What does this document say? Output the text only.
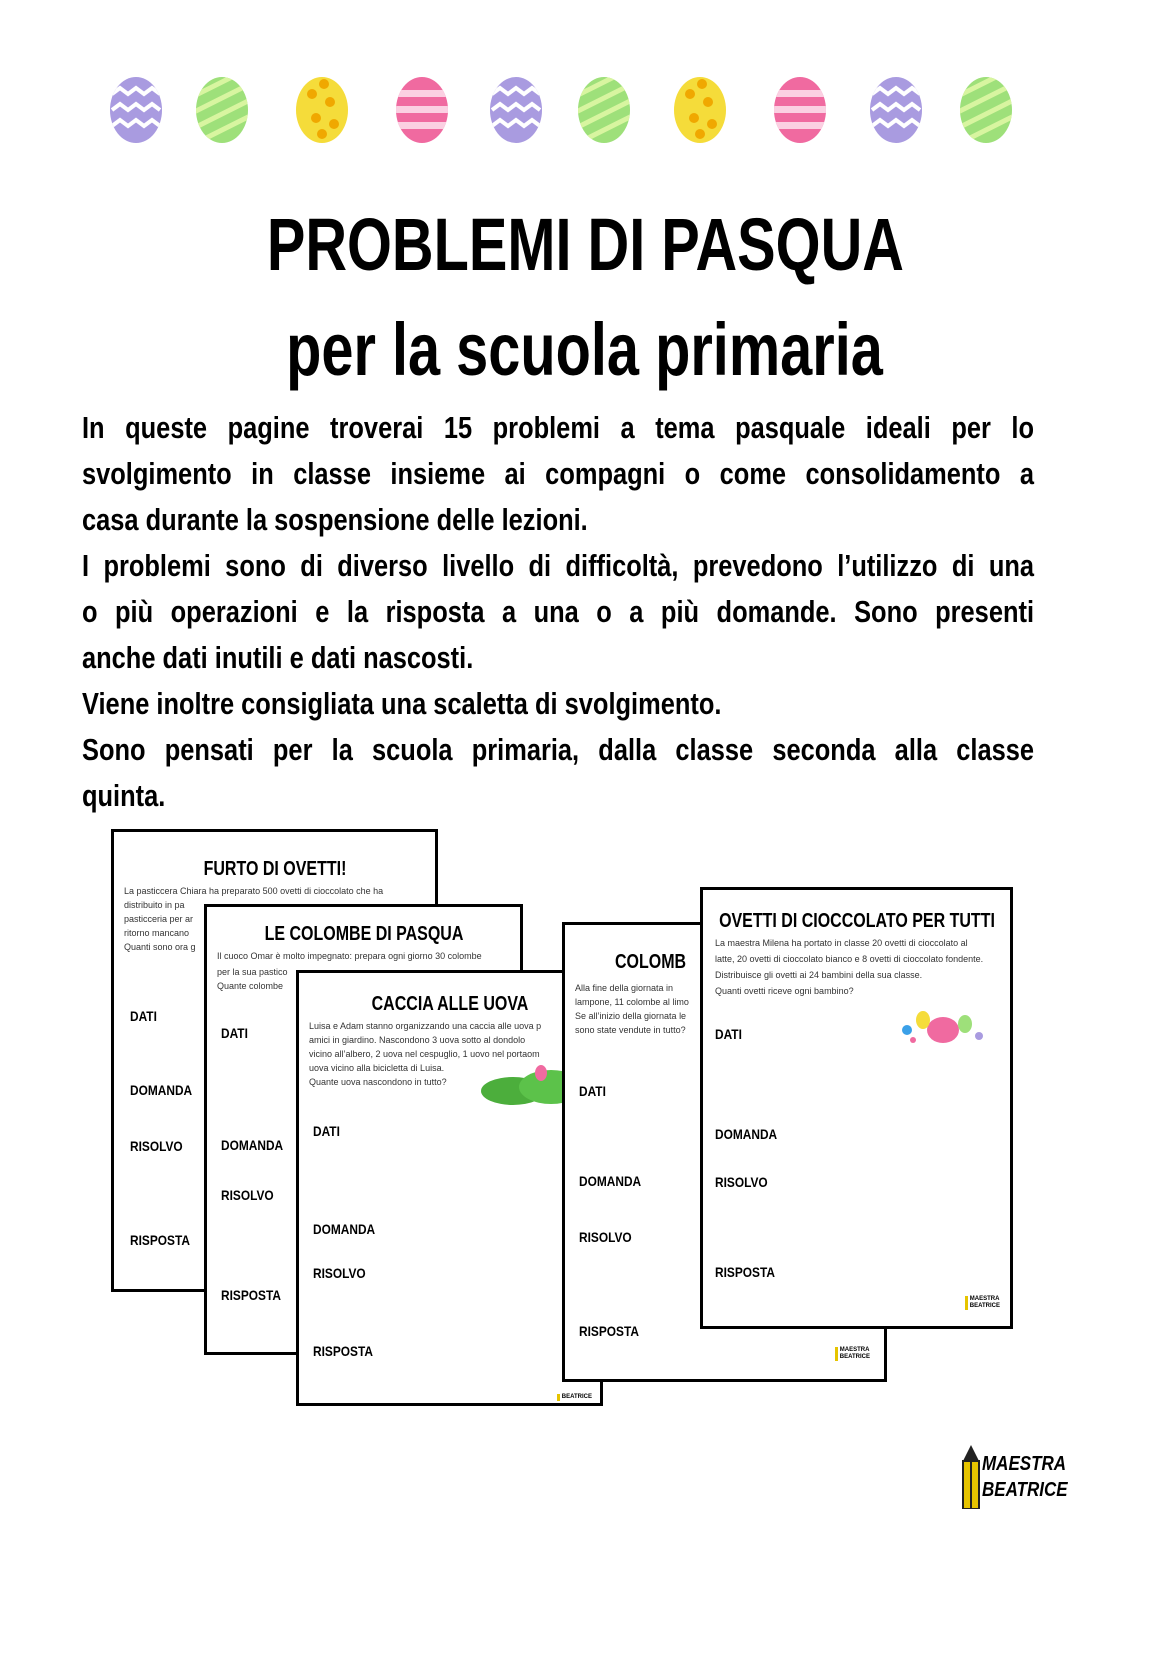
PROBLEMI DI PASQUA
per la scuola primaria
In queste pagine troverai 15 problemi a tema pasquale ideali per lo
svolgimento in classe insieme ai compagni o come consolidamento a
casa durante la sospensione delle lezioni.
I problemi sono di diverso livello di difficoltà, prevedono l’utilizzo di una
o più operazioni e la risposta a una o a più domande. Sono presenti
anche dati inutili e dati nascosti.
Viene inoltre consigliata una scaletta di svolgimento.
Sono pensati per la scuola primaria, dalla classe seconda alla classe
quinta.
FURTO DI OVETTI!
La pasticcera Chiara ha preparato 500 ovetti di cioccolato che ha
distribuito in pa
pasticceria per ar
ritorno mancano
Quanti sono ora g
DATI
DOMANDA
RISOLVO
RISPOSTA
LE COLOMBE DI PASQUA
Il cuoco Omar è molto impegnato: prepara ogni giorno 30 colombe
per la sua pastico
Quante colombe
DATI
DOMANDA
RISOLVO
RISPOSTA
CACCIA ALLE UOVA
Luisa e Adam stanno organizzando una caccia alle uova p
amici in giardino. Nascondono 3 uova sotto al dondolo
vicino all’albero, 2 uova nel cespuglio, 1 uovo nel portaom
uova vicino alla bicicletta di Luisa.
Quante uova nascondono in tutto?
DATI
DOMANDA
RISOLVO
RISPOSTA
BEATRICE
COLOMB
Alla fine della giornata in
lampone, 11 colombe al limo
Se all’inizio della giornata le
sono state vendute in tutto?
DATI
DOMANDA
RISOLVO
RISPOSTA
MAESTRA
BEATRICE
OVETTI DI CIOCCOLATO PER TUTTI
La maestra Milena ha portato in classe 20 ovetti di cioccolato al
latte, 20 ovetti di cioccolato bianco e 8 ovetti di cioccolato fondente.
Distribuisce gli ovetti ai 24 bambini della sua classe.
Quanti ovetti riceve ogni bambino?
DATI
DOMANDA
RISOLVO
RISPOSTA
MAESTRA
BEATRICE
MAESTRA
BEATRICE
